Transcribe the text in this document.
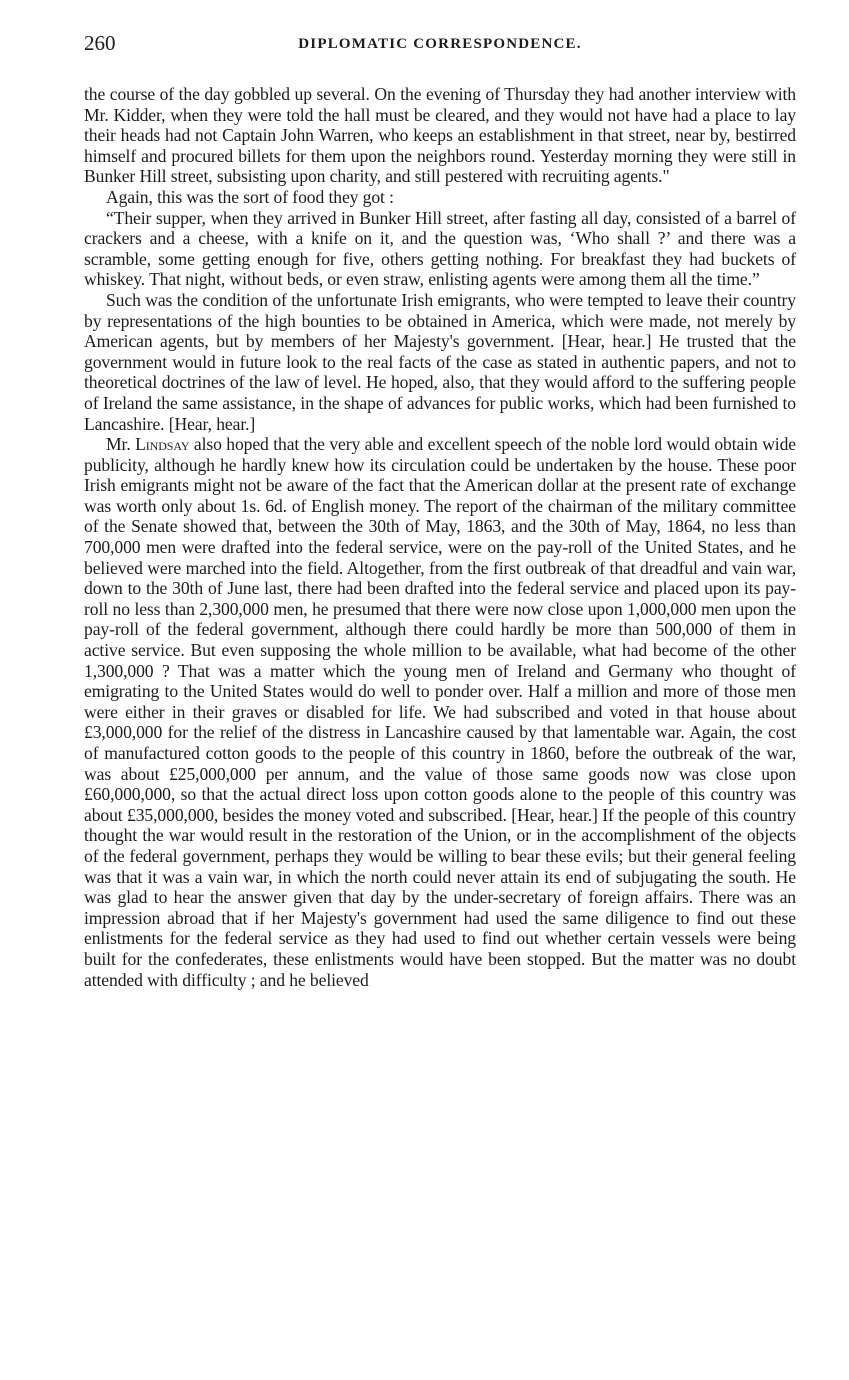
260	DIPLOMATIC CORRESPONDENCE.

the course of the day gobbled up several. On the evening of Thursday they had another interview with Mr. Kidder, when they were told the hall must be cleared, and they would not have had a place to lay their heads had not Captain John Warren, who keeps an establishment in that street, near by, bestirred himself and procured billets for them upon the neighbors round. Yesterday morning they were still in Bunker Hill street, subsisting upon charity, and still pestered with recruiting agents."

Again, this was the sort of food they got :

“Their supper, when they arrived in Bunker Hill street, after fasting all day, consisted of a barrel of crackers and a cheese, with a knife on it, and the question was, ‘Who shall ?’ and there was a scramble, some getting enough for five, others getting nothing. For breakfast they had buckets of whiskey. That night, without beds, or even straw, enlisting agents were among them all the time.”

Such was the condition of the unfortunate Irish emigrants, who were tempted to leave their country by representations of the high bounties to be obtained in America, which were made, not merely by American agents, but by members of her Majesty's government. [Hear, hear.] He trusted that the government would in future look to the real facts of the case as stated in authentic papers, and not to theoretical doctrines of the law of level. He hoped, also, that they would afford to the suffering people of Ireland the same assistance, in the shape of advances for public works, which had been furnished to Lancashire. [Hear, hear.]

Mr. Lindsay also hoped that the very able and excellent speech of the noble lord would obtain wide publicity, although he hardly knew how its circulation could be undertaken by the house. These poor Irish emigrants might not be aware of the fact that the American dollar at the present rate of exchange was worth only about 1s. 6d. of English money. The report of the chairman of the military committee of the Senate showed that, between the 30th of May, 1863, and the 30th of May, 1864, no less than 700,000 men were drafted into the federal service, were on the pay-roll of the United States, and he believed were marched into the field. Altogether, from the first outbreak of that dreadful and vain war, down to the 30th of June last, there had been drafted into the federal service and placed upon its pay-roll no less than 2,300,000 men, he presumed that there were now close upon 1,000,000 men upon the pay-roll of the federal government, although there could hardly be more than 500,000 of them in active service. But even supposing the whole million to be available, what had become of the other 1,300,000 ? That was a matter which the young men of Ireland and Germany who thought of emigrating to the United States would do well to ponder over. Half a million and more of those men were either in their graves or disabled for life. We had subscribed and voted in that house about £3,000,000 for the relief of the distress in Lancashire caused by that lamentable war. Again, the cost of manufactured cotton goods to the people of this country in 1860, before the outbreak of the war, was about £25,000,000 per annum, and the value of those same goods now was close upon £60,000,000, so that the actual direct loss upon cotton goods alone to the people of this country was about £35,000,000, besides the money voted and subscribed. [Hear, hear.] If the people of this country thought the war would result in the restoration of the Union, or in the accomplishment of the objects of the federal government, perhaps they would be willing to bear these evils; but their general feeling was that it was a vain war, in which the north could never attain its end of subjugating the south. He was glad to hear the answer given that day by the under-secretary of foreign affairs. There was an impression abroad that if her Majesty's government had used the same diligence to find out these enlistments for the federal service as they had used to find out whether certain vessels were being built for the confederates, these enlistments would have been stopped. But the matter was no doubt attended with difficulty ; and he believed
